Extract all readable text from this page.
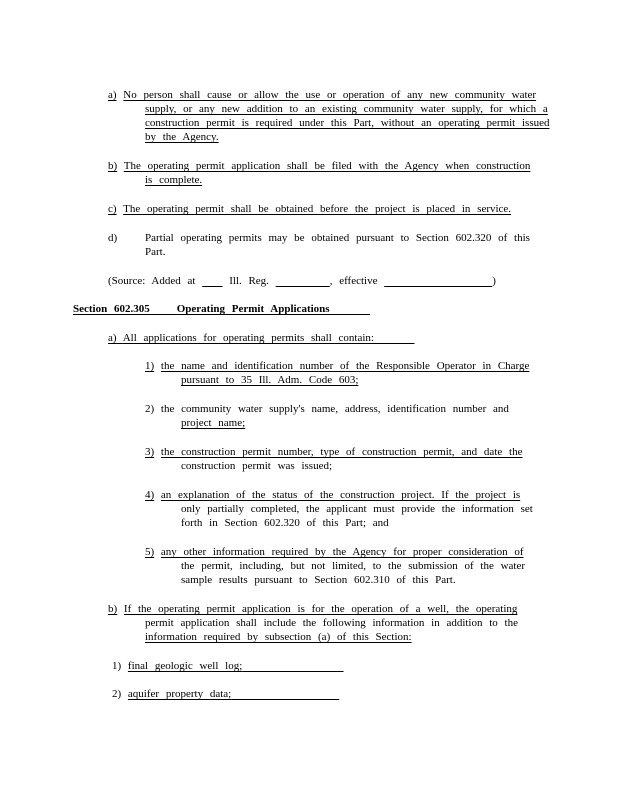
a) No person shall cause or allow the use or operation of any new community water
supply, or any new addition to an existing community water supply, for which a
construction permit is required under this Part, without an operating permit issued
by the Agency.
b) The operating permit application shall be filed with the Agency when construction
is complete.
c) The operating permit shall be obtained before the project is placed in service.
d)	Partial operating permits may be obtained pursuant to Section 602.320 of this
Part.
(Source: Added at     Ill. Reg.	, effective	)
Section 602.305 Operating Permit Applications
a) All applications for operating permits shall contain:
1) the name and identification number of the Responsible Operator in Charge
pursuant to 35 Ill. Adm. Code 603;
2) the community water supply's name, address, identification number and
project name;
3) the construction permit number, type of construction permit, and date the
construction permit was issued;
4) an explanation of the status of the construction project. If the project is
only partially completed, the applicant must provide the information set
forth in Section 602.320 of this Part; and
5) any other information required by the Agency for proper consideration of
the permit, including, but not limited, to the submission of the water
sample results pursuant to Section 602.310 of this Part.
b) If the operating permit application is for the operation of a well, the operating
permit application shall include the following information in addition to the
information required by subsection (a) of this Section:
1) final geologic well log;
2) aquifer property data;
